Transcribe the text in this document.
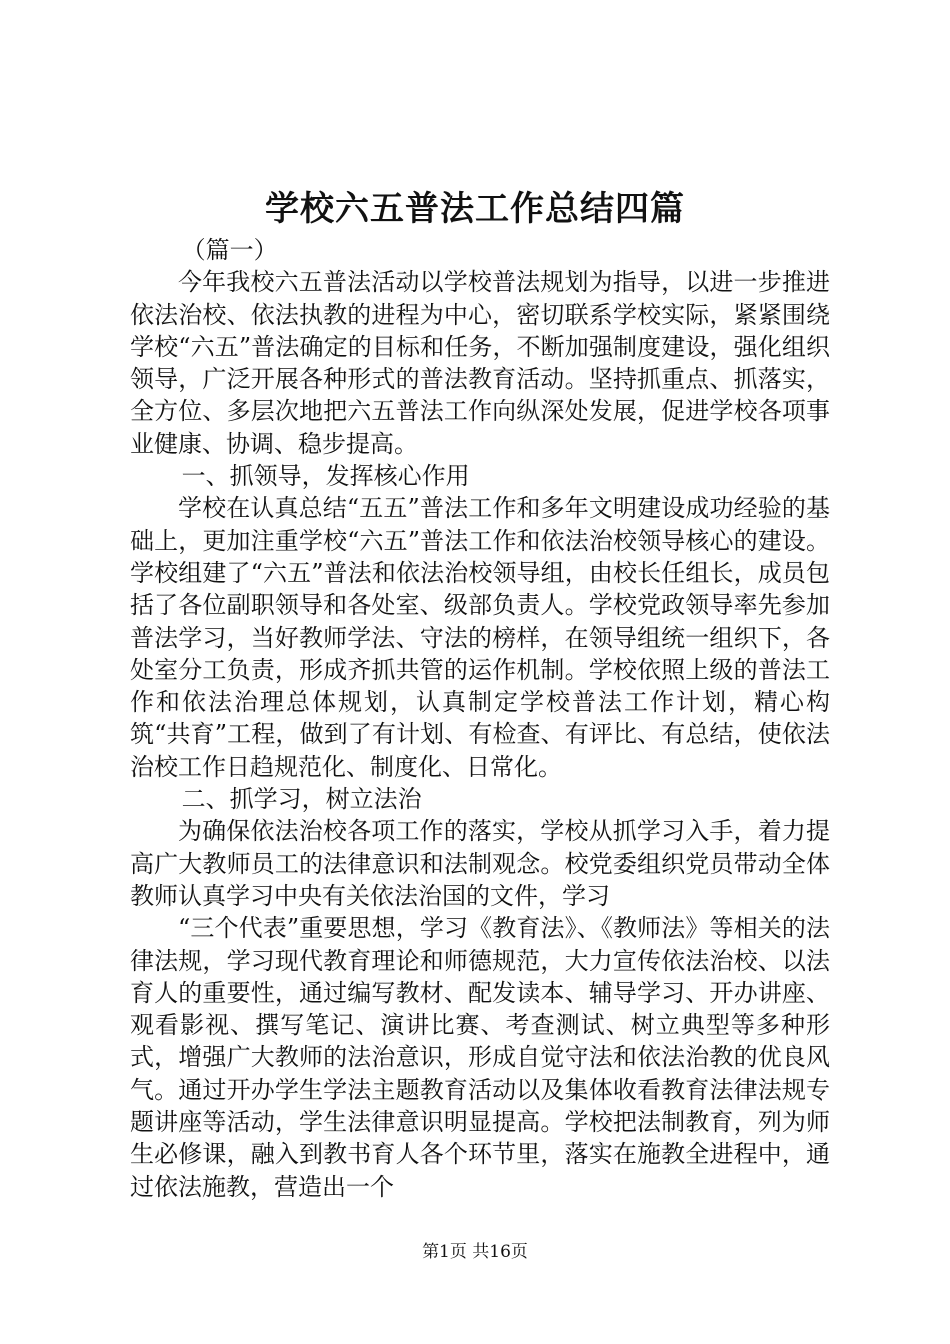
学校六五普法工作总结四篇

（篇一）

今年我校六五普法活动以学校普法规划为指导，以进一步推进依法治校、依法执教的进程为中心，密切联系学校实际，紧紧围绕学校“六五”普法确定的目标和任务，不断加强制度建设，强化组织领导，广泛开展各种形式的普法教育活动。坚持抓重点、抓落实，全方位、多层次地把六五普法工作向纵深处发展，促进学校各项事业健康、协调、稳步提高。

一、抓领导，发挥核心作用

学校在认真总结“五五”普法工作和多年文明建设成功经验的基础上，更加注重学校“六五”普法工作和依法治校领导核心的建设。学校组建了“六五”普法和依法治校领导组，由校长任组长，成员包括了各位副职领导和各处室、级部负责人。学校党政领导率先参加普法学习，当好教师学法、守法的榜样，在领导组统一组织下，各处室分工负责，形成齐抓共管的运作机制。学校依照上级的普法工作和依法治理总体规划，认真制定学校普法工作计划，精心构筑“共育”工程，做到了有计划、有检查、有评比、有总结，使依法治校工作日趋规范化、制度化、日常化。

二、抓学习，树立法治

为确保依法治校各项工作的落实，学校从抓学习入手，着力提高广大教师员工的法律意识和法制观念。校党委组织党员带动全体教师认真学习中央有关依法治国的文件，学习

“三个代表”重要思想，学习《教育法》、《教师法》等相关的法律法规，学习现代教育理论和师德规范，大力宣传依法治校、以法育人的重要性，通过编写教材、配发读本、辅导学习、开办讲座、观看影视、撰写笔记、演讲比赛、考查测试、树立典型等多种形式，增强广大教师的法治意识，形成自觉守法和依法治教的优良风气。通过开办学生学法主题教育活动以及集体收看教育法律法规专题讲座等活动，学生法律意识明显提高。学校把法制教育，列为师生必修课，融入到教书育人各个环节里，落实在施教全进程中，通过依法施教，营造出一个

第1页 共16页
